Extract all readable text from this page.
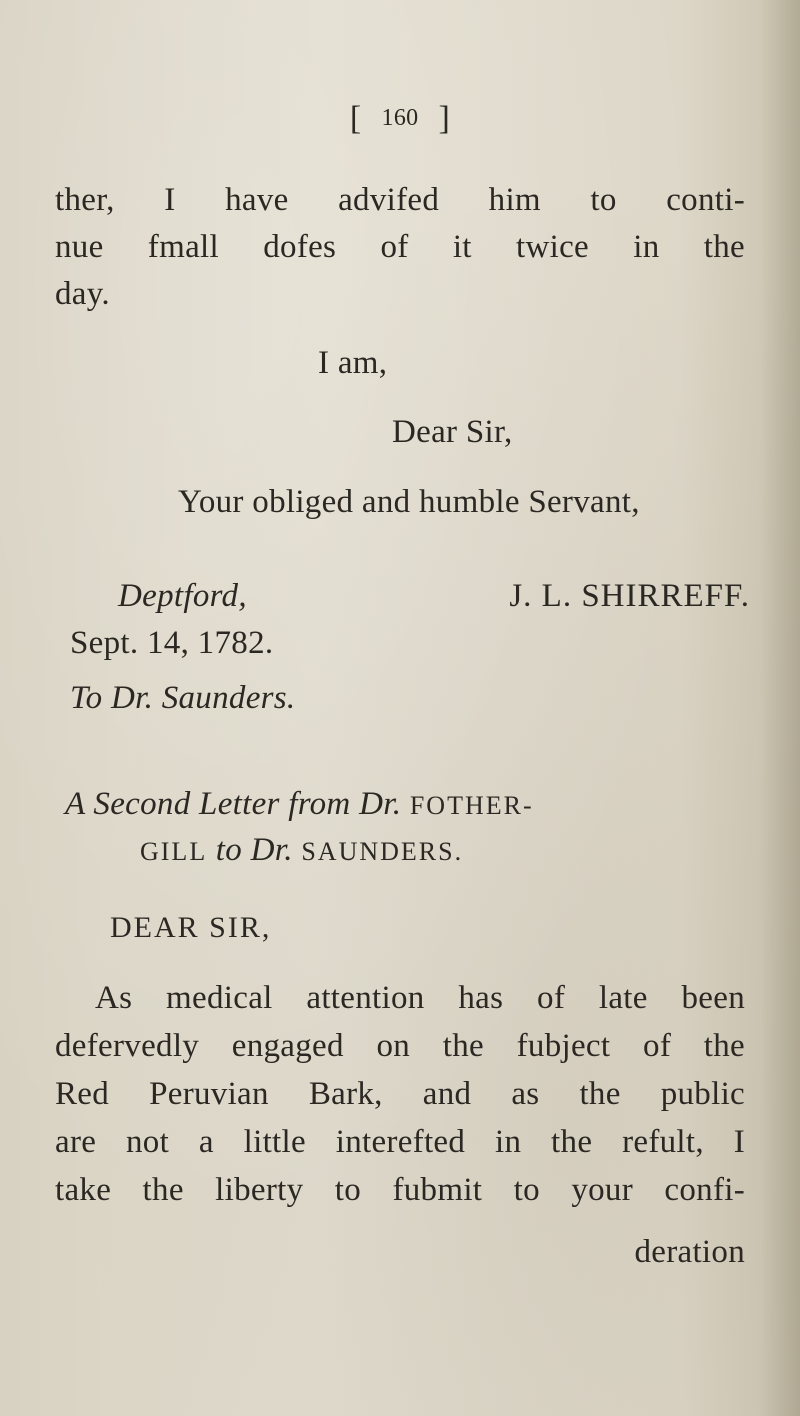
[ 160 ]
ther, I have advifed him to conti-
nue fmall dofes of it twice in the
day.
I am,
Dear Sir,
Your obliged and humble Servant,
Deptford,	J. L. SHIRREFF.
Sept. 14, 1782.
To Dr. Saunders.
A Second Letter from Dr. FOTHER-
GILL to Dr. SAUNDERS.
DEAR SIR,
As medical attention has of late been
defervedly engaged on the fubject of the
Red Peruvian Bark, and as the public
are not a little interefted in the refult, I
take the liberty to fubmit to your confi-
deration
